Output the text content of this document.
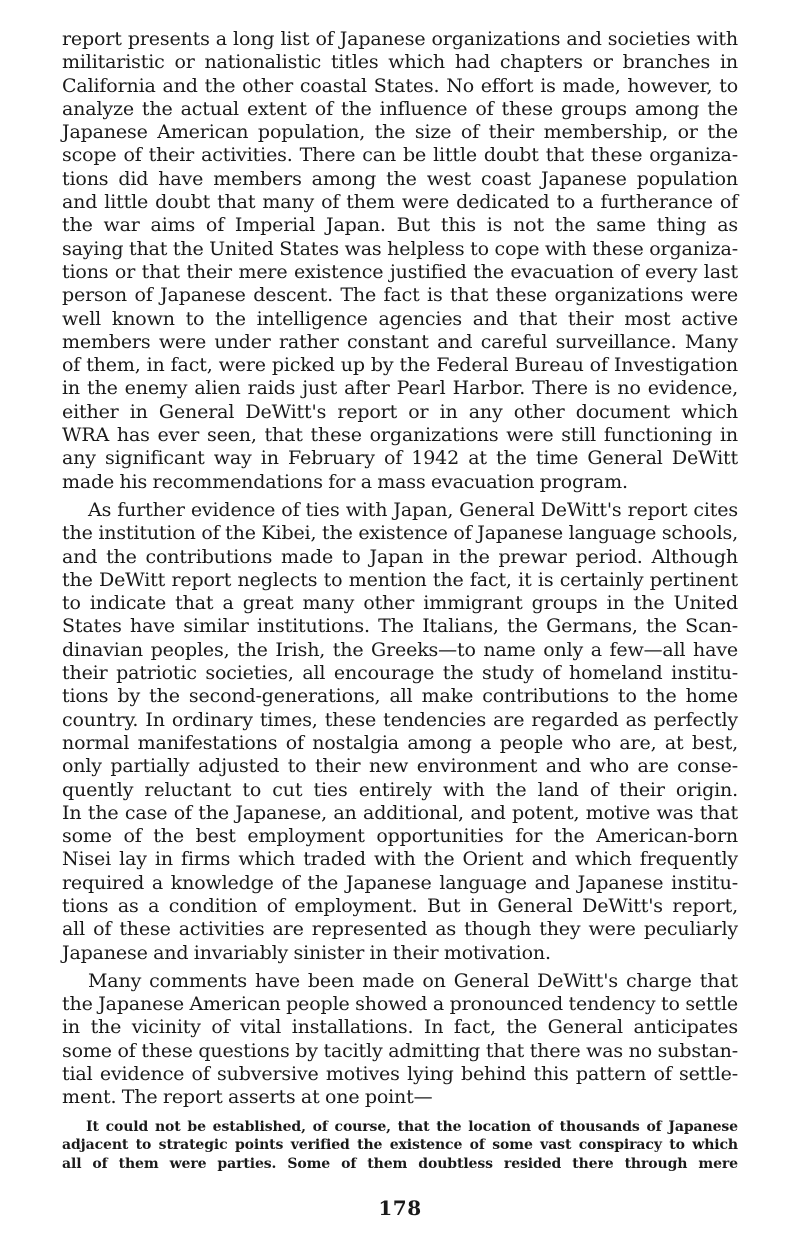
report presents a long list of Japanese organizations and societies with
militaristic or nationalistic titles which had chapters or branches in
California and the other coastal States. No effort is made, however, to
analyze the actual extent of the influence of these groups among the
Japanese American population, the size of their membership, or the
scope of their activities. There can be little doubt that these organiza-
tions did have members among the west coast Japanese population
and little doubt that many of them were dedicated to a furtherance of
the war aims of Imperial Japan. But this is not the same thing as
saying that the United States was helpless to cope with these organiza-
tions or that their mere existence justified the evacuation of every last
person of Japanese descent. The fact is that these organizations were
well known to the intelligence agencies and that their most active
members were under rather constant and careful surveillance. Many
of them, in fact, were picked up by the Federal Bureau of Investigation
in the enemy alien raids just after Pearl Harbor. There is no evidence,
either in General DeWitt's report or in any other document which
WRA has ever seen, that these organizations were still functioning in
any significant way in February of 1942 at the time General DeWitt
made his recommendations for a mass evacuation program.
As further evidence of ties with Japan, General DeWitt's report cites
the institution of the Kibei, the existence of Japanese language schools,
and the contributions made to Japan in the prewar period. Although
the DeWitt report neglects to mention the fact, it is certainly pertinent
to indicate that a great many other immigrant groups in the United
States have similar institutions. The Italians, the Germans, the Scan-
dinavian peoples, the Irish, the Greeks—to name only a few—all have
their patriotic societies, all encourage the study of homeland institu-
tions by the second-generations, all make contributions to the home
country. In ordinary times, these tendencies are regarded as perfectly
normal manifestations of nostalgia among a people who are, at best,
only partially adjusted to their new environment and who are conse-
quently reluctant to cut ties entirely with the land of their origin.
In the case of the Japanese, an additional, and potent, motive was that
some of the best employment opportunities for the American-born
Nisei lay in firms which traded with the Orient and which frequently
required a knowledge of the Japanese language and Japanese institu-
tions as a condition of employment. But in General DeWitt's report,
all of these activities are represented as though they were peculiarly
Japanese and invariably sinister in their motivation.
Many comments have been made on General DeWitt's charge that
the Japanese American people showed a pronounced tendency to settle
in the vicinity of vital installations. In fact, the General anticipates
some of these questions by tacitly admitting that there was no substan-
tial evidence of subversive motives lying behind this pattern of settle-
ment. The report asserts at one point—
It could not be established, of course, that the location of thousands of Japanese
adjacent to strategic points verified the existence of some vast conspiracy to which
all of them were parties. Some of them doubtless resided there through mere
178
